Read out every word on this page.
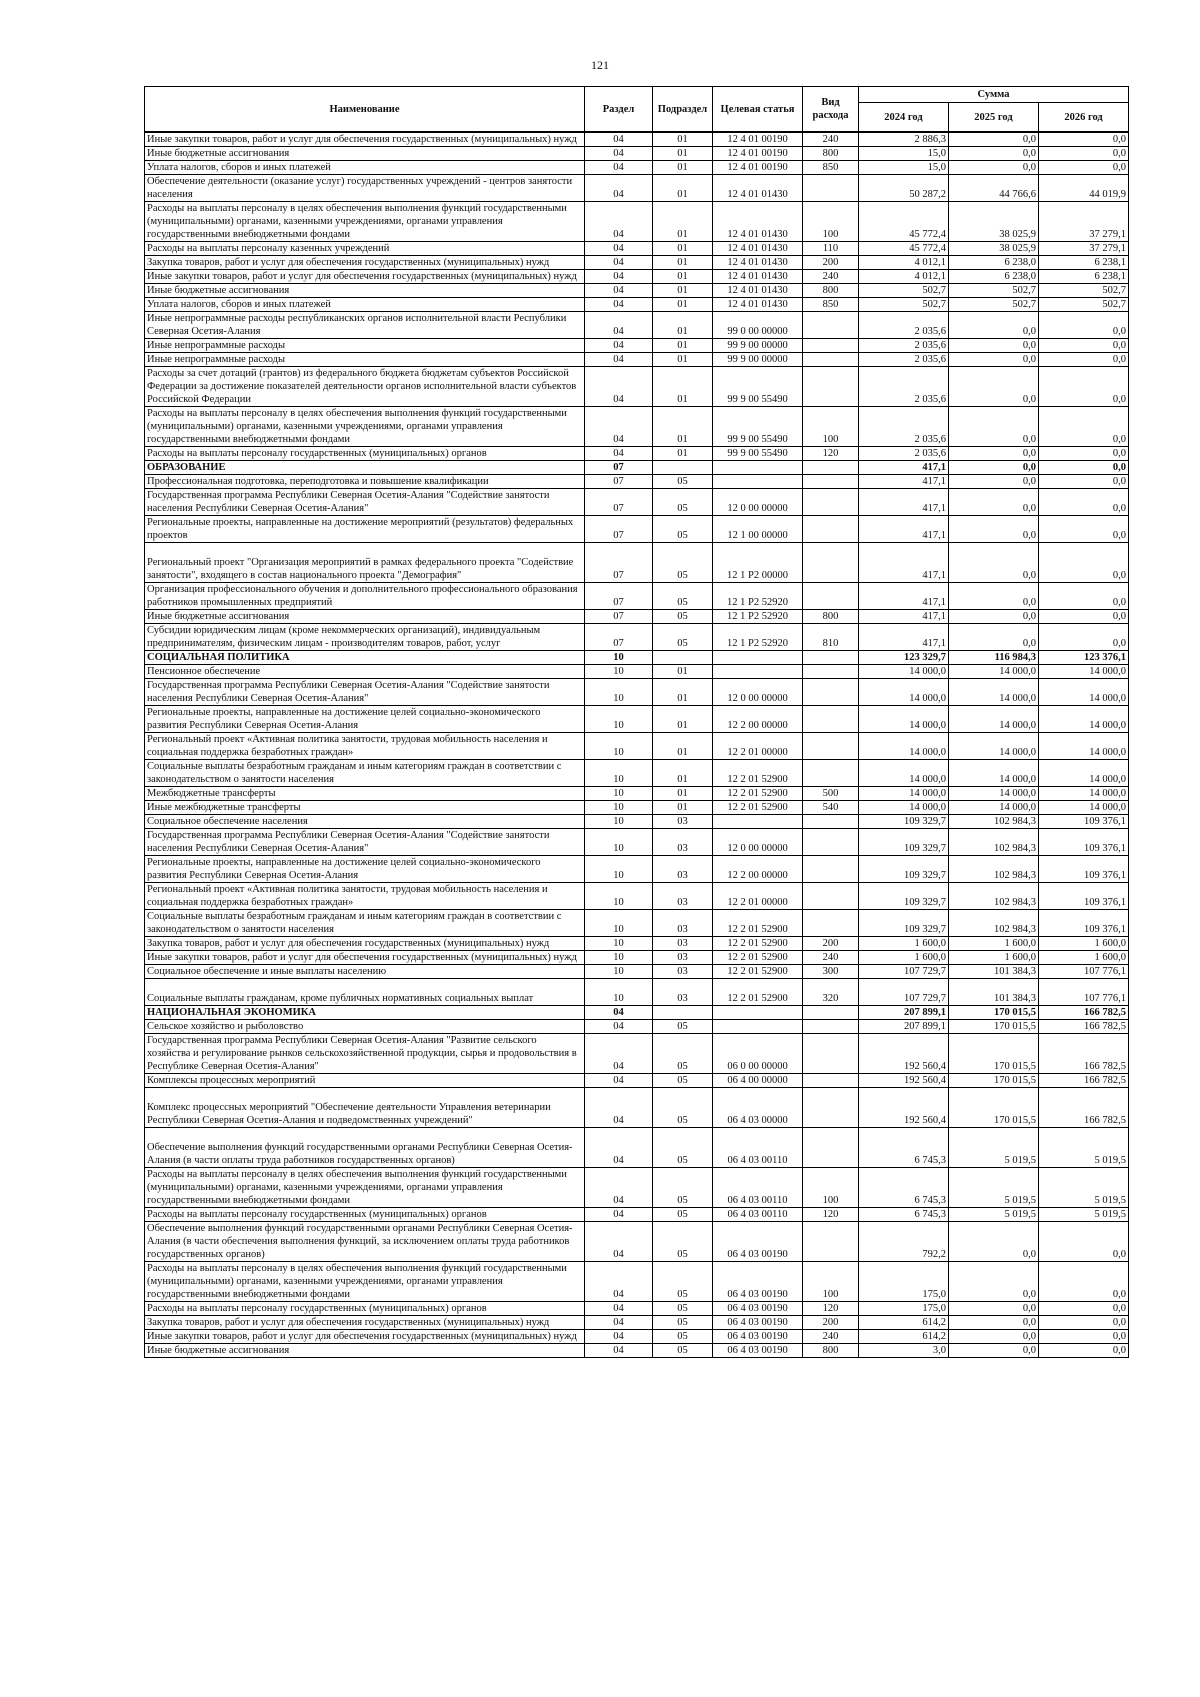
121
Наименование	Раздел	Подраздел	Целевая статья	Вид расхода	Сумма		
					2024 год	2025 год	2026 год
Иные закупки товаров, работ и услуг для обеспечения государственных (муниципальных) нужд	04	01	12 4 01 00190	240	2 886,3	0,0	0,0
Иные бюджетные ассигнования	04	01	12 4 01 00190	800	15,0	0,0	0,0
Уплата налогов, сборов и иных платежей	04	01	12 4 01 00190	850	15,0	0,0	0,0
Обеспечение деятельности (оказание услуг) государственных учреждений - центров занятости населения	04	01	12 4 01 01430		50 287,2	44 766,6	44 019,9
Расходы на выплаты персоналу в целях обеспечения выполнения функций государственными (муниципальными) органами, казенными учреждениями, органами управления государственными внебюджетными фондами	04	01	12 4 01 01430	100	45 772,4	38 025,9	37 279,1
Расходы на выплаты персоналу казенных учреждений	04	01	12 4 01 01430	110	45 772,4	38 025,9	37 279,1
Закупка товаров, работ и услуг для обеспечения государственных (муниципальных) нужд	04	01	12 4 01 01430	200	4 012,1	6 238,0	6 238,1
Иные закупки товаров, работ и услуг для обеспечения государственных (муниципальных) нужд	04	01	12 4 01 01430	240	4 012,1	6 238,0	6 238,1
Иные бюджетные ассигнования	04	01	12 4 01 01430	800	502,7	502,7	502,7
Уплата налогов, сборов и иных платежей	04	01	12 4 01 01430	850	502,7	502,7	502,7
Иные непрограммные расходы республиканских органов исполнительной власти Республики Северная Осетия-Алания	04	01	99 0 00 00000		2 035,6	0,0	0,0
Иные непрограммные расходы	04	01	99 9 00 00000		2 035,6	0,0	0,0
Иные непрограммные расходы	04	01	99 9 00 00000		2 035,6	0,0	0,0
Расходы за счет дотаций (грантов) из федерального бюджета бюджетам субъектов Российской Федерации за достижение показателей деятельности органов исполнительной власти субъектов Российской Федерации	04	01	99 9 00 55490		2 035,6	0,0	0,0
Расходы на выплаты персоналу в целях обеспечения выполнения функций государственными (муниципальными) органами, казенными учреждениями, органами управления государственными внебюджетными фондами	04	01	99 9 00 55490	100	2 035,6	0,0	0,0
Расходы на выплаты персоналу государственных (муниципальных) органов	04	01	99 9 00 55490	120	2 035,6	0,0	0,0
ОБРАЗОВАНИЕ	07				417,1	0,0	0,0
Профессиональная подготовка, переподготовка и повышение квалификации	07	05			417,1	0,0	0,0
Государственная программа Республики Северная Осетия-Алания "Содействие занятости населения Республики Северная Осетия-Алания"	07	05	12 0 00 00000		417,1	0,0	0,0
Региональные проекты, направленные на достижение мероприятий (результатов) федеральных проектов	07	05	12 1 00 00000		417,1	0,0	0,0
Региональный проект "Организация мероприятий в рамках федерального проекта "Содействие занятости", входящего в состав национального проекта "Демография"	07	05	12 1 P2 00000		417,1	0,0	0,0
Организация профессионального обучения и дополнительного профессионального образования работников промышленных предприятий	07	05	12 1 P2 52920		417,1	0,0	0,0
Иные бюджетные ассигнования	07	05	12 1 P2 52920	800	417,1	0,0	0,0
Субсидии юридическим лицам (кроме некоммерческих организаций), индивидуальным предпринимателям, физическим лицам - производителям товаров, работ, услуг	07	05	12 1 P2 52920	810	417,1	0,0	0,0
СОЦИАЛЬНАЯ ПОЛИТИКА	10				123 329,7	116 984,3	123 376,1
Пенсионное обеспечение	10	01			14 000,0	14 000,0	14 000,0
Государственная программа Республики Северная Осетия-Алания "Содействие занятости населения Республики Северная Осетия-Алания"	10	01	12 0 00 00000		14 000,0	14 000,0	14 000,0
Региональные проекты, направленные на достижение целей социально-экономического развития Республики Северная Осетия-Алания	10	01	12 2 00 00000		14 000,0	14 000,0	14 000,0
Региональный проект «Активная политика занятости, трудовая мобильность населения и социальная поддержка безработных граждан»	10	01	12 2 01 00000		14 000,0	14 000,0	14 000,0
Социальные выплаты безработным гражданам и иным категориям граждан в соответствии с законодательством о занятости населения	10	01	12 2 01 52900		14 000,0	14 000,0	14 000,0
Межбюджетные трансферты	10	01	12 2 01 52900	500	14 000,0	14 000,0	14 000,0
Иные межбюджетные трансферты	10	01	12 2 01 52900	540	14 000,0	14 000,0	14 000,0
Социальное обеспечение населения	10	03			109 329,7	102 984,3	109 376,1
Государственная программа Республики Северная Осетия-Алания "Содействие занятости населения Республики Северная Осетия-Алания"	10	03	12 0 00 00000		109 329,7	102 984,3	109 376,1
Региональные проекты, направленные на достижение целей социально-экономического развития Республики Северная Осетия-Алания	10	03	12 2 00 00000		109 329,7	102 984,3	109 376,1
Региональный проект «Активная политика занятости, трудовая мобильность населения и социальная поддержка безработных граждан»	10	03	12 2 01 00000		109 329,7	102 984,3	109 376,1
Социальные выплаты безработным гражданам и иным категориям граждан в соответствии с законодательством о занятости населения	10	03	12 2 01 52900		109 329,7	102 984,3	109 376,1
Закупка товаров, работ и услуг для обеспечения государственных (муниципальных) нужд	10	03	12 2 01 52900	200	1 600,0	1 600,0	1 600,0
Иные закупки товаров, работ и услуг для обеспечения государственных (муниципальных) нужд	10	03	12 2 01 52900	240	1 600,0	1 600,0	1 600,0
Социальное обеспечение и иные выплаты населению	10	03	12 2 01 52900	300	107 729,7	101 384,3	107 776,1
Социальные выплаты гражданам, кроме публичных нормативных социальных выплат	10	03	12 2 01 52900	320	107 729,7	101 384,3	107 776,1
НАЦИОНАЛЬНАЯ ЭКОНОМИКА	04				207 899,1	170 015,5	166 782,5
Сельское хозяйство и рыболовство	04	05			207 899,1	170 015,5	166 782,5
Государственная программа Республики Северная Осетия-Алания "Развитие сельского хозяйства и регулирование рынков сельскохозяйственной продукции, сырья и продовольствия в Республике Северная Осетия-Алания"	04	05	06 0 00 00000		192 560,4	170 015,5	166 782,5
Комплексы процессных мероприятий	04	05	06 4 00 00000		192 560,4	170 015,5	166 782,5
Комплекс процессных мероприятий "Обеспечение деятельности Управления ветеринарии Республики Северная Осетия-Алания и подведомственных учреждений"	04	05	06 4 03 00000		192 560,4	170 015,5	166 782,5
Обеспечение выполнения функций государственными органами Республики Северная Осетия-Алания (в части оплаты труда работников государственных органов)	04	05	06 4 03 00110		6 745,3	5 019,5	5 019,5
Расходы на выплаты персоналу в целях обеспечения выполнения функций государственными (муниципальными) органами, казенными учреждениями, органами управления государственными внебюджетными фондами	04	05	06 4 03 00110	100	6 745,3	5 019,5	5 019,5
Расходы на выплаты персоналу государственных (муниципальных) органов	04	05	06 4 03 00110	120	6 745,3	5 019,5	5 019,5
Обеспечение выполнения функций государственными органами Республики Северная Осетия-Алания (в части обеспечения выполнения функций, за исключением оплаты труда работников государственных органов)	04	05	06 4 03 00190		792,2	0,0	0,0
Расходы на выплаты персоналу в целях обеспечения выполнения функций государственными (муниципальными) органами, казенными учреждениями, органами управления государственными внебюджетными фондами	04	05	06 4 03 00190	100	175,0	0,0	0,0
Расходы на выплаты персоналу государственных (муниципальных) органов	04	05	06 4 03 00190	120	175,0	0,0	0,0
Закупка товаров, работ и услуг для обеспечения государственных (муниципальных) нужд	04	05	06 4 03 00190	200	614,2	0,0	0,0
Иные закупки товаров, работ и услуг для обеспечения государственных (муниципальных) нужд	04	05	06 4 03 00190	240	614,2	0,0	0,0
Иные бюджетные ассигнования	04	05	06 4 03 00190	800	3,0	0,0	0,0
